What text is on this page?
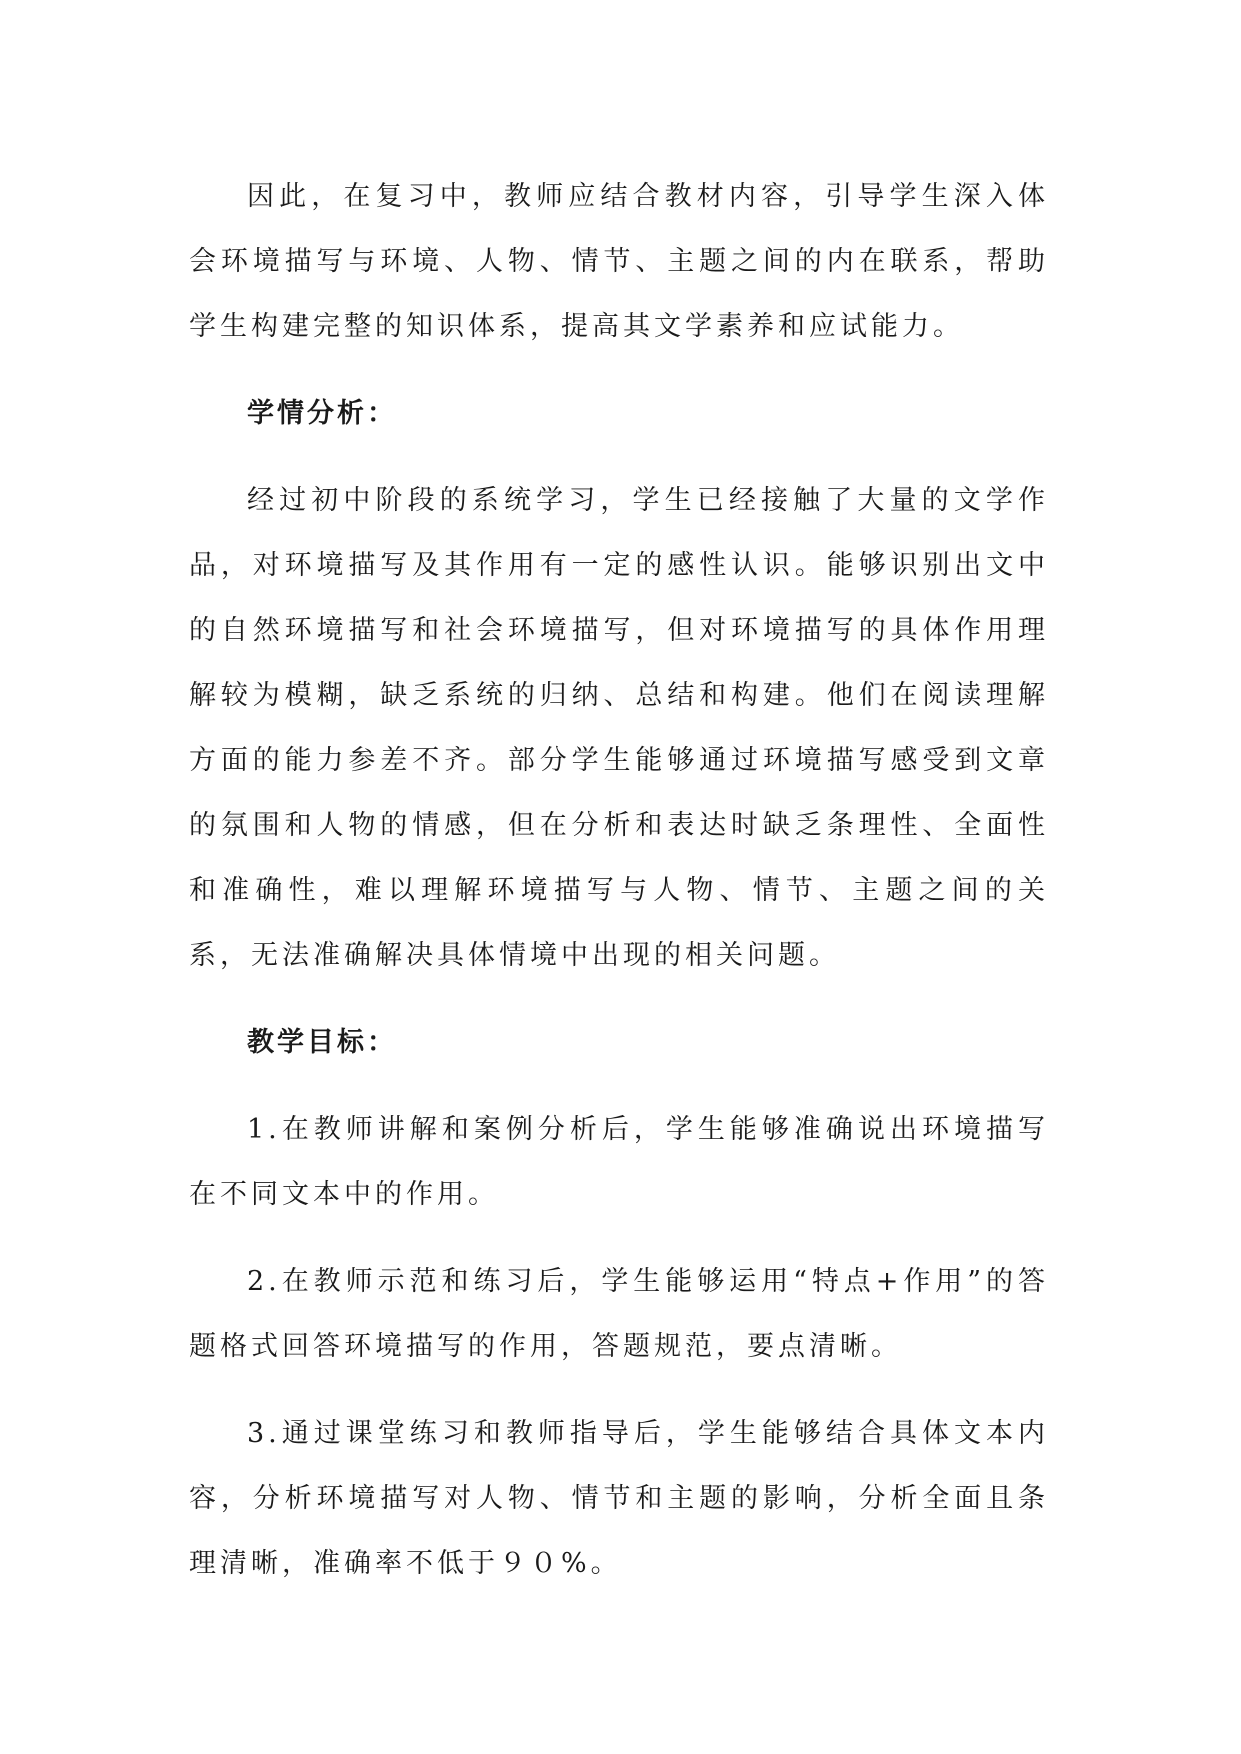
因此，在复习中，教师应结合教材内容，引导学生深入体会环境描写与环境、人物、情节、主题之间的内在联系，帮助学生构建完整的知识体系，提高其文学素养和应试能力。

学情分析：

经过初中阶段的系统学习，学生已经接触了大量的文学作品，对环境描写及其作用有一定的感性认识。能够识别出文中的自然环境描写和社会环境描写，但对环境描写的具体作用理解较为模糊，缺乏系统的归纳、总结和构建。他们在阅读理解方面的能力参差不齐。部分学生能够通过环境描写感受到文章的氛围和人物的情感，但在分析和表达时缺乏条理性、全面性和准确性，难以理解环境描写与人物、情节、主题之间的关系，无法准确解决具体情境中出现的相关问题。

教学目标：

1.在教师讲解和案例分析后，学生能够准确说出环境描写在不同文本中的作用。

2.在教师示范和练习后，学生能够运用“特点+作用”的答题格式回答环境描写的作用，答题规范，要点清晰。

3.通过课堂练习和教师指导后，学生能够结合具体文本内容，分析环境描写对人物、情节和主题的影响，分析全面且条理清晰，准确率不低于９０%。
